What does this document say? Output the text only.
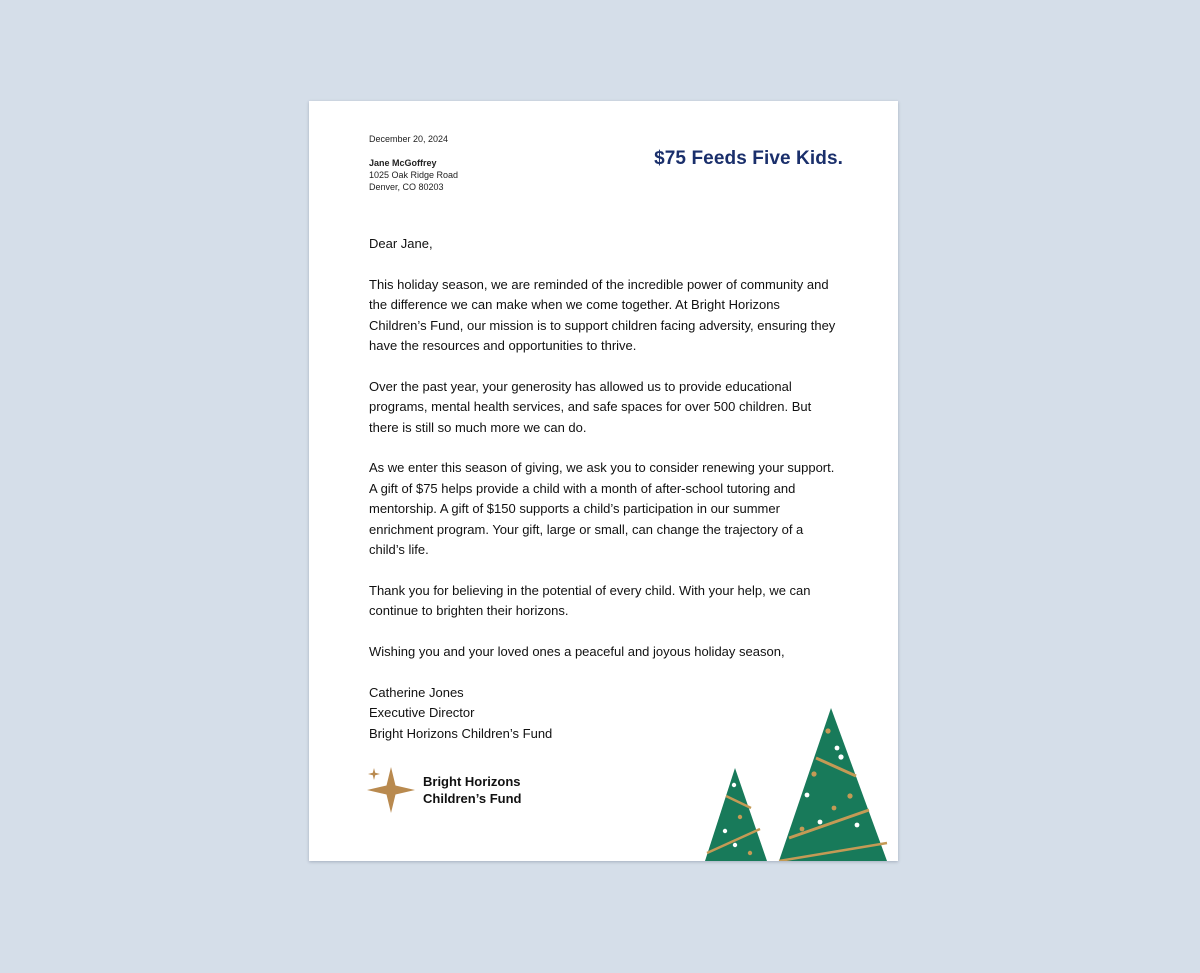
December 20, 2024
Jane McGoffrey
1025 Oak Ridge Road
Denver, CO 80203
$75 Feeds Five Kids.

Dear Jane,

This holiday season, we are reminded of the incredible power of community and the difference we can make when we come together. At Bright Horizons Children’s Fund, our mission is to support children facing adversity, ensuring they have the resources and opportunities to thrive.

Over the past year, your generosity has allowed us to provide educational programs, mental health services, and safe spaces for over 500 children. But there is still so much more we can do.

As we enter this season of giving, we ask you to consider renewing your support. A gift of $75 helps provide a child with a month of after-school tutoring and mentorship. A gift of $150 supports a child’s participation in our summer enrichment program. Your gift, large or small, can change the trajectory of a child’s life.

Thank you for believing in the potential of every child. With your help, we can continue to brighten their horizons.

Wishing you and your loved ones a peaceful and joyous holiday season,

Catherine Jones
Executive Director
Bright Horizons Children’s Fund
Bright Horizons
Children’s Fund
